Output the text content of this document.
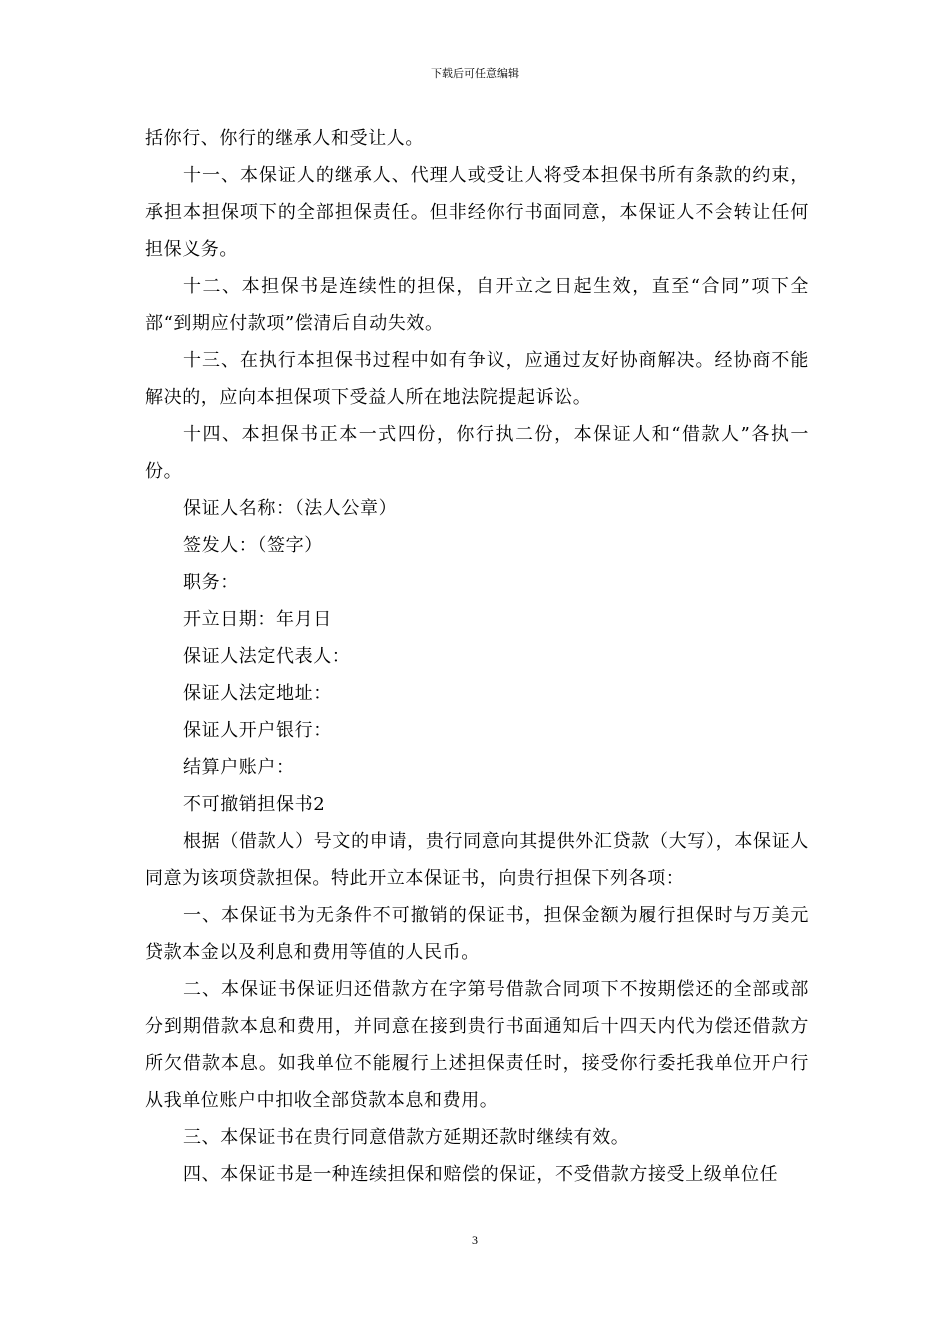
下载后可任意编辑

括你行、你行的继承人和受让人。

十一、本保证人的继承人、代理人或受让人将受本担保书所有条款的约束，承担本担保项下的全部担保责任。但非经你行书面同意，本保证人不会转让任何担保义务。

十二、本担保书是连续性的担保，自开立之日起生效，直至“合同”项下全部“到期应付款项”偿清后自动失效。

十三、在执行本担保书过程中如有争议，应通过友好协商解决。经协商不能解决的，应向本担保项下受益人所在地法院提起诉讼。

十四、本担保书正本一式四份，你行执二份，本保证人和“借款人”各执一份。

保证人名称：（法人公章）

签发人：（签字）

职务：

开立日期：年月日

保证人法定代表人：

保证人法定地址：

保证人开户银行：

结算户账户：

不可撤销担保书2

根据（借款人）号文的申请，贵行同意向其提供外汇贷款（大写），本保证人同意为该项贷款担保。特此开立本保证书，向贵行担保下列各项：

一、本保证书为无条件不可撤销的保证书，担保金额为履行担保时与万美元贷款本金以及利息和费用等值的人民币。

二、本保证书保证归还借款方在字第号借款合同项下不按期偿还的全部或部分到期借款本息和费用，并同意在接到贵行书面通知后十四天内代为偿还借款方所欠借款本息。如我单位不能履行上述担保责任时，接受你行委托我单位开户行从我单位账户中扣收全部贷款本息和费用。

三、本保证书在贵行同意借款方延期还款时继续有效。

四、本保证书是一种连续担保和赔偿的保证，不受借款方接受上级单位任

3
